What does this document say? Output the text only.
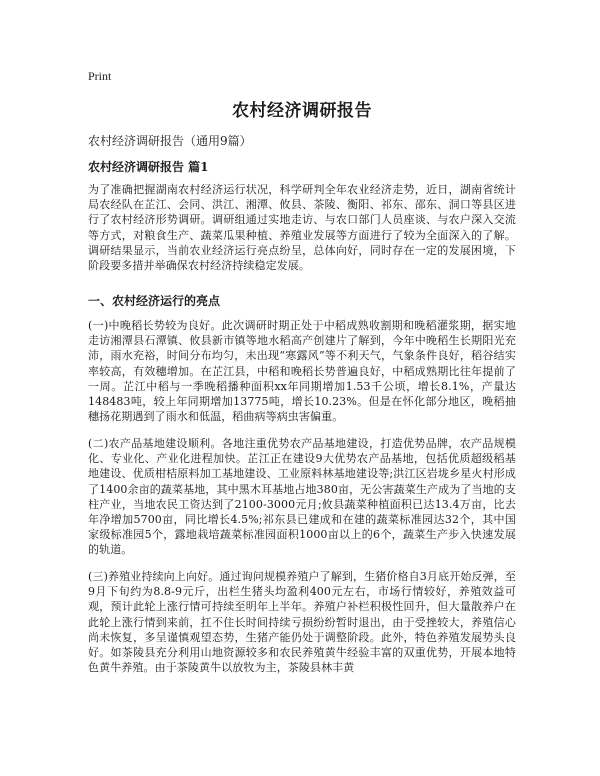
Print
农村经济调研报告

农村经济调研报告（通用9篇）

农村经济调研报告 篇1

为了准确把握湖南农村经济运行状况，科学研判全年农业经济走势，近日，湖南省统计局农经队在芷江、会同、洪江、湘潭、攸县、茶陵、衡阳、祁东、邵东、洞口等县区进行了农村经济形势调研。调研组通过实地走访、与农口部门人员座谈、与农户深入交流等方式，对粮食生产、蔬菜瓜果种植、养殖业发展等方面进行了较为全面深入的了解。调研结果显示，当前农业经济运行亮点纷呈，总体向好，同时存在一定的发展困境，下阶段要多措并举确保农村经济持续稳定发展。

一、农村经济运行的亮点

(一)中晚稻长势较为良好。此次调研时期正处于中稻成熟收割期和晚稻灌浆期，据实地走访湘潭县石潭镇、攸县新市镇等地水稻高产创建片了解到，今年中晚稻生长期阳光充沛，雨水充裕，时间分布均匀，未出现“寒露风”等不利天气，气象条件良好，稻谷结实率较高，有效穗增加。在芷江县，中稻和晚稻长势普遍良好，中稻成熟期比往年提前了一周。芷江中稻与一季晚稻播种面积xx年同期增加1.53千公顷，增长8.1%，产量达148483吨，较上年同期增加13775吨，增长10.23%。但是在怀化部分地区，晚稻抽穗扬花期遇到了雨水和低温，稻曲病等病虫害偏重。

(二)农产品基地建设顺利。各地注重优势农产品基地建设，打造优势品牌，农产品规模化、专业化、产业化进程加快。芷江正在建设9大优势农产品基地，包括优质超级稻基地建设、优质柑桔原料加工基地建设、工业原料林基地建设等;洪江区岩垅乡星火村形成了1400余亩的蔬菜基地，其中黑木耳基地占地380亩，无公害蔬菜生产成为了当地的支柱产业，当地农民工资达到了2100-3000元月;攸县蔬菜种植面积已达13.4万亩，比去年净增加5700亩，同比增长4.5%;祁东县已建成和在建的蔬菜标准园达32个，其中国家级标准园5个，露地栽培蔬菜标准园面积1000亩以上的6个，蔬菜生产步入快速发展的轨道。

(三)养殖业持续向上向好。通过询问规模养殖户了解到，生猪价格自3月底开始反弹，至9月下旬约为8.8-9元斤，出栏生猪头均盈利400元左右，市场行情较好，养殖效益可观，预计此轮上涨行情可持续至明年上半年。养殖户补栏积极性回升，但大量散养户在此轮上涨行情到来前，扛不住长时间持续亏损纷纷暂时退出，由于受挫较大，养殖信心尚未恢复，多呈谨慎观望态势，生猪产能仍处于调整阶段。此外，特色养殖发展势头良好。如茶陵县充分利用山地资源较多和农民养殖黄牛经验丰富的双重优势，开展本地特色黄牛养殖。由于茶陵黄牛以放牧为主，茶陵县林丰黄
